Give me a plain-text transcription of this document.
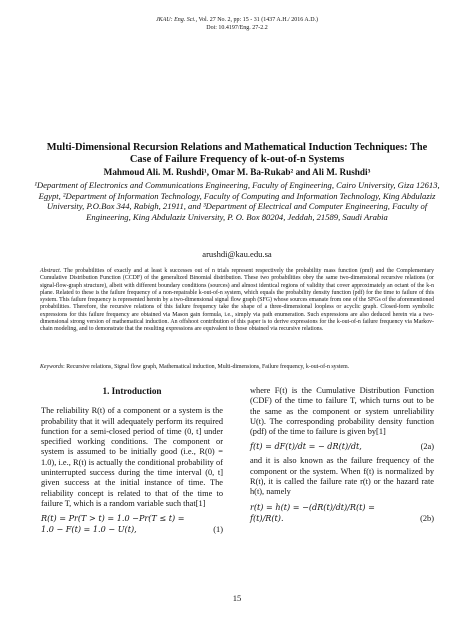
JKAU: Eng. Sci., Vol. 27 No. 2, pp: 15 - 31 (1437 A.H./ 2016 A.D.)
Doi: 10.4197/Eng. 27-2.2
Multi-Dimensional Recursion Relations and Mathematical Induction Techniques: The Case of Failure Frequency of k-out-of-n Systems
Mahmoud Ali. M. Rushdi¹, Omar M. Ba-Rukab² and Ali M. Rushdi³
¹Department of Electronics and Communications Engineering, Faculty of Engineering, Cairo University, Giza 12613, Egypt, ²Department of Information Technology, Faculty of Computing and Information Technology, King Abdulaziz University, P.O.Box 344, Rabigh, 21911, and ³Department of Electrical and Computer Engineering, Faculty of Engineering, King Abdulaziz University, P. O. Box 80204, Jeddah, 21589, Saudi Arabia
arushdi@kau.edu.sa
Abstract. The probabilities of exactly and at least k successes out of n trials represent respectively the probability mass function (pmf) and the Complementary Cumulative Distribution Function (CCDF) of the generalized Binomial distribution. These two probabilities obey the same two-dimensional recursive relations (or signal-flow-graph structure), albeit with different boundary conditions (sources) and almost identical regions of validity that cover approximately an octant of the k-n plane. Related to these is the failure frequency of a non-repairable k-out-of-n system, which equals the probability density function (pdf) for the time to failure of this system. This failure frequency is represented herein by a two-dimensional signal flow graph (SFG) whose sources emanate from one of the SFGs of the aforementioned probabilities. Therefore, the recursive relations of this failure frequency take the shape of a three-dimensional loopless or acyclic graph. Closed-form symbolic expressions for this failure frequency are obtained via Mason gain formula, i.e., simply via path enumeration. Such expressions are also deduced herein via a two-dimensional strong version of mathematical induction. An offshoot contribution of this paper is to derive expressions for the k-out-of-n failure frequency via Markov-chain modeling, and to demonstrate that the resulting expressions are equivalent to those obtained via recursive relations.
Keywords: Recursive relations, Signal flow graph, Mathematical induction, Multi-dimensions, Failure frequency, k-out-of-n system.
1. Introduction

The reliability R(t) of a component or a system is the probability that it will adequately perform its required function for a semi-closed period of time (0, t] under specified working conditions. The component or system is assumed to be initially good (i.e., R(0) = 1.0), i.e., R(t) is actually the conditional probability of uninterrupted success during the time interval (0, t] given success at the initial instance of time. The reliability concept is related to that of the time to failure T, which is a random variable such that[1]

R(t) = Pr(T > t) = 1.0 −Pr(T ≤ t) =
1.0 − F(t) = 1.0 − U(t),	(1)

where F(t) is the Cumulative Distribution Function (CDF) of the time to failure T, which turns out to be the same as the component or system unreliability U(t). The corresponding probability density function (pdf) of the time to failure is given by[1]

f(t) = dF(t)/dt = − dR(t)/dt,	(2a)

and it is also known as the failure frequency of the component or the system. When f(t) is normalized by R(t), it is called the failure rate r(t) or the hazard rate h(t), namely

r(t) = h(t) = −(dR(t)/dt)/R(t) =
f(t)/R(t).	(2b)
15
